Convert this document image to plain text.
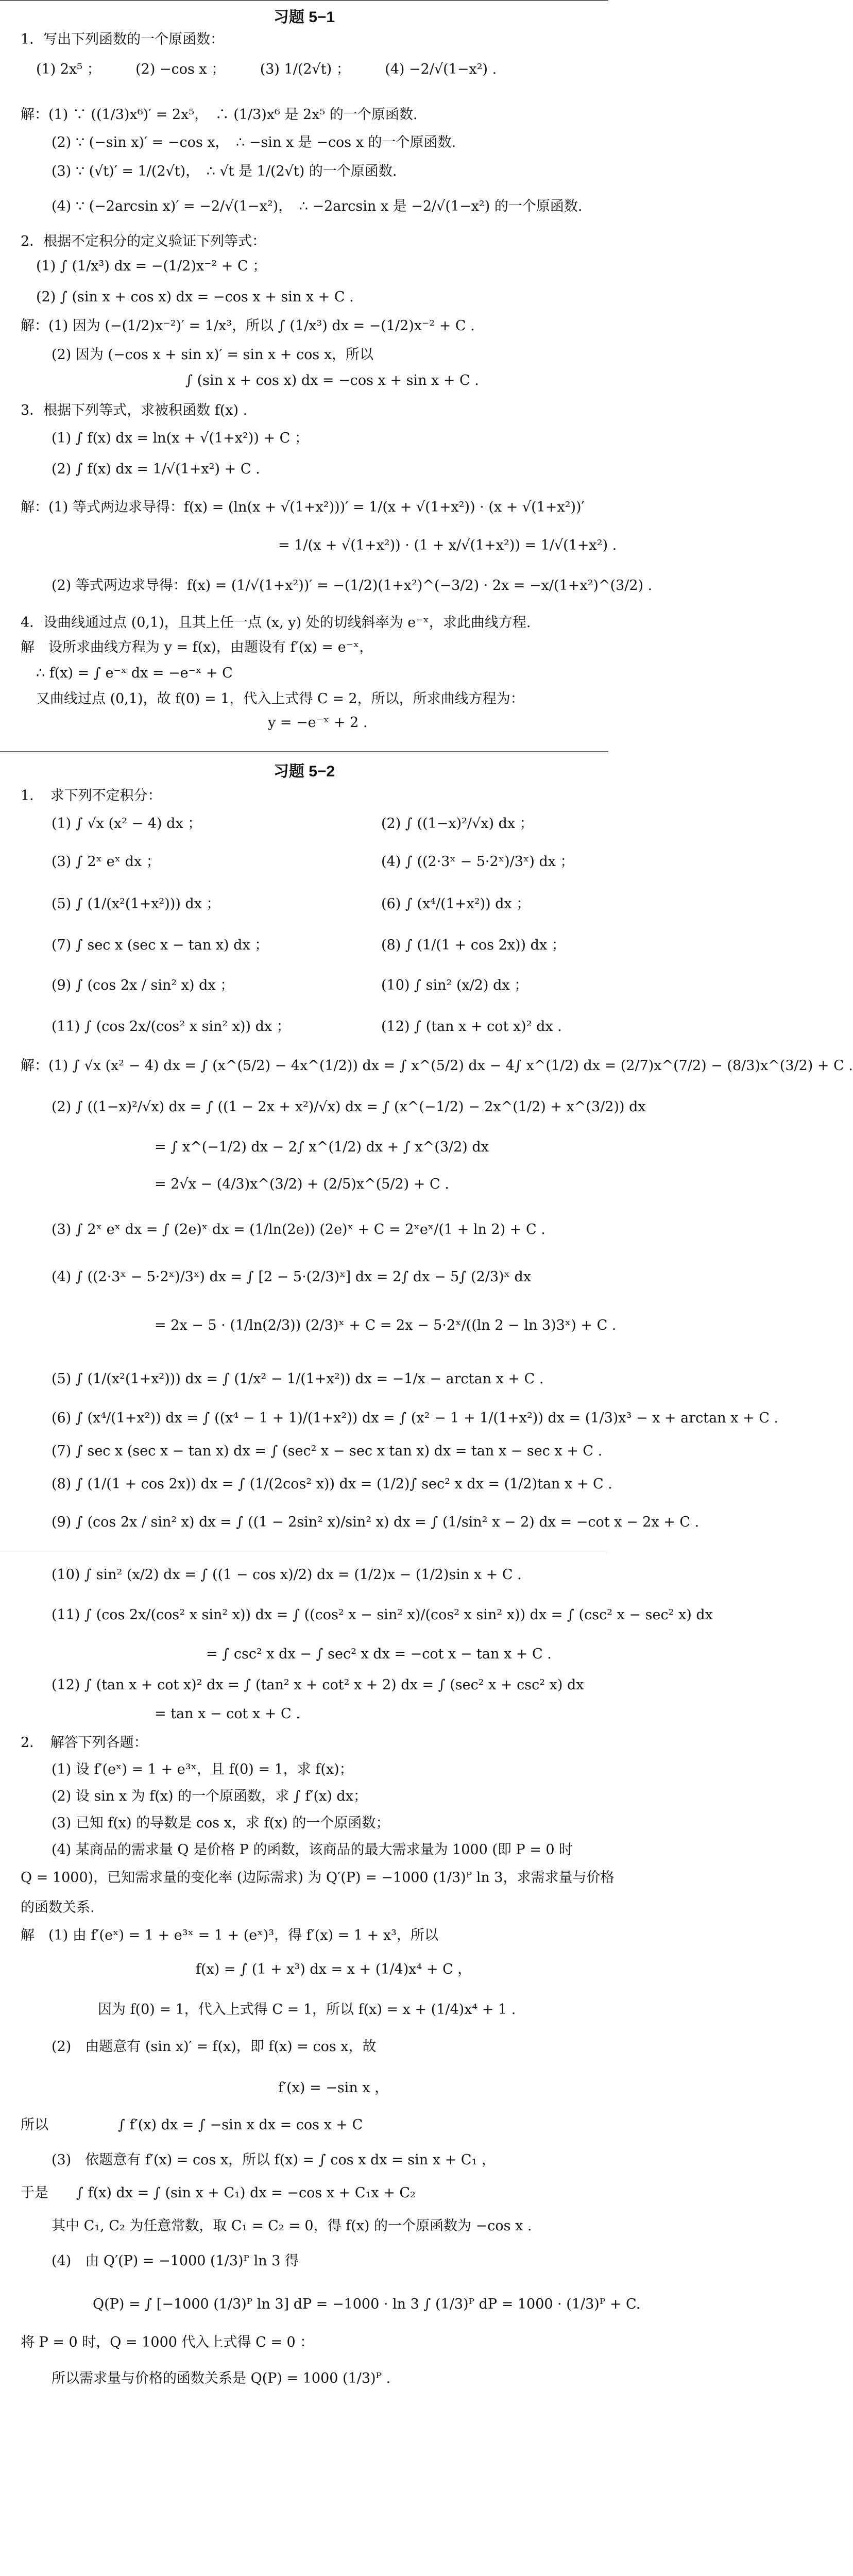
习题 5−1
1．写出下列函数的一个原函数：
(1) 2x⁵ ；　　　(2) −cos x ；　　　(3) 1/(2√t) ；　　　(4) −2/√(1−x²) .
解：(1) ∵ ((1/3)x⁶)′ = 2x⁵，　∴ (1/3)x⁶ 是 2x⁵ 的一个原函数.
(2) ∵ (−sin x)′ = −cos x，　∴ −sin x 是 −cos x 的一个原函数.
(3) ∵ (√t)′ = 1/(2√t)，　∴ √t 是 1/(2√t) 的一个原函数.
(4) ∵ (−2arcsin x)′ = −2/√(1−x²)，　∴ −2arcsin x 是 −2/√(1−x²) 的一个原函数.
2．根据不定积分的定义验证下列等式：
(1) ∫ (1/x³) dx = −(1/2)x⁻² + C ；
(2) ∫ (sin x + cos x) dx = −cos x + sin x + C .
解：(1) 因为 (−(1/2)x⁻²)′ = 1/x³，所以 ∫ (1/x³) dx = −(1/2)x⁻² + C .
(2) 因为 (−cos x + sin x)′ = sin x + cos x，所以
∫ (sin x + cos x) dx = −cos x + sin x + C .
3．根据下列等式，求被积函数 f(x) .
(1) ∫ f(x) dx = ln(x + √(1+x²)) + C ；
(2) ∫ f(x) dx = 1/√(1+x²) + C .
解：(1) 等式两边求导得：f(x) = (ln(x + √(1+x²)))′ = 1/(x + √(1+x²)) · (x + √(1+x²))′
= 1/(x + √(1+x²)) · (1 + x/√(1+x²)) = 1/√(1+x²) .
(2) 等式两边求导得：f(x) = (1/√(1+x²))′ = −(1/2)(1+x²)^(−3/2) · 2x = −x/(1+x²)^(3/2) .
4．设曲线通过点 (0,1)，且其上任一点 (x, y) 处的切线斜率为 e⁻ˣ，求此曲线方程.
解　设所求曲线方程为 y = f(x)，由题设有 f′(x) = e⁻ˣ，
∴ f(x) = ∫ e⁻ˣ dx = −e⁻ˣ + C
又曲线过点 (0,1)，故 f(0) = 1，代入上式得 C = 2，所以，所求曲线方程为：
y = −e⁻ˣ + 2 .
习题 5−2
1．　求下列不定积分：
(1) ∫ √x (x² − 4) dx ；	(2) ∫ ((1−x)²/√x) dx ；
(3) ∫ 2ˣ eˣ dx ；	(4) ∫ ((2·3ˣ − 5·2ˣ)/3ˣ) dx ；
(5) ∫ (1/(x²(1+x²))) dx ；	(6) ∫ (x⁴/(1+x²)) dx ；
(7) ∫ sec x (sec x − tan x) dx ；	(8) ∫ (1/(1 + cos 2x)) dx ；
(9) ∫ (cos 2x / sin² x) dx ；	(10) ∫ sin² (x/2) dx ；
(11) ∫ (cos 2x/(cos² x sin² x)) dx ；	(12) ∫ (tan x + cot x)² dx .
解：(1) ∫ √x (x² − 4) dx = ∫ (x^(5/2) − 4x^(1/2)) dx = ∫ x^(5/2) dx − 4∫ x^(1/2) dx = (2/7)x^(7/2) − (8/3)x^(3/2) + C .
(2) ∫ ((1−x)²/√x) dx = ∫ ((1 − 2x + x²)/√x) dx = ∫ (x^(−1/2) − 2x^(1/2) + x^(3/2)) dx
= ∫ x^(−1/2) dx − 2∫ x^(1/2) dx + ∫ x^(3/2) dx
= 2√x − (4/3)x^(3/2) + (2/5)x^(5/2) + C .
(3) ∫ 2ˣ eˣ dx = ∫ (2e)ˣ dx = (1/ln(2e)) (2e)ˣ + C = 2ˣeˣ/(1 + ln 2) + C .
(4) ∫ ((2·3ˣ − 5·2ˣ)/3ˣ) dx = ∫ [2 − 5·(2/3)ˣ] dx = 2∫ dx − 5∫ (2/3)ˣ dx
= 2x − 5 · (1/ln(2/3)) (2/3)ˣ + C = 2x − 5·2ˣ/((ln 2 − ln 3)3ˣ) + C .
(5) ∫ (1/(x²(1+x²))) dx = ∫ (1/x² − 1/(1+x²)) dx = −1/x − arctan x + C .
(6) ∫ (x⁴/(1+x²)) dx = ∫ ((x⁴ − 1 + 1)/(1+x²)) dx = ∫ (x² − 1 + 1/(1+x²)) dx = (1/3)x³ − x + arctan x + C .
(7) ∫ sec x (sec x − tan x) dx = ∫ (sec² x − sec x tan x) dx = tan x − sec x + C .
(8) ∫ (1/(1 + cos 2x)) dx = ∫ (1/(2cos² x)) dx = (1/2)∫ sec² x dx = (1/2)tan x + C .
(9) ∫ (cos 2x / sin² x) dx = ∫ ((1 − 2sin² x)/sin² x) dx = ∫ (1/sin² x − 2) dx = −cot x − 2x + C .
(10) ∫ sin² (x/2) dx = ∫ ((1 − cos x)/2) dx = (1/2)x − (1/2)sin x + C .
(11) ∫ (cos 2x/(cos² x sin² x)) dx = ∫ ((cos² x − sin² x)/(cos² x sin² x)) dx = ∫ (csc² x − sec² x) dx
= ∫ csc² x dx − ∫ sec² x dx = −cot x − tan x + C .
(12) ∫ (tan x + cot x)² dx = ∫ (tan² x + cot² x + 2) dx = ∫ (sec² x + csc² x) dx
= tan x − cot x + C .
2．　解答下列各题：
(1) 设 f′(eˣ) = 1 + e³ˣ，且 f(0) = 1，求 f(x)；
(2) 设 sin x 为 f(x) 的一个原函数，求 ∫ f′(x) dx；
(3) 已知 f(x) 的导数是 cos x，求 f(x) 的一个原函数；
(4) 某商品的需求量 Q 是价格 P 的函数，该商品的最大需求量为 1000 (即 P = 0 时
Q = 1000)，已知需求量的变化率 (边际需求) 为 Q′(P) = −1000 (1/3)ᴾ ln 3，求需求量与价格
的函数关系.
解　(1) 由 f′(eˣ) = 1 + e³ˣ = 1 + (eˣ)³，得 f′(x) = 1 + x³，所以
f(x) = ∫ (1 + x³) dx = x + (1/4)x⁴ + C ，
因为 f(0) = 1，代入上式得 C = 1，所以 f(x) = x + (1/4)x⁴ + 1 .
(2)　由题意有 (sin x)′ = f(x)，即 f(x) = cos x，故
f′(x) = −sin x ，
所以　　　　　∫ f′(x) dx = ∫ −sin x dx = cos x + C
(3)　依题意有 f′(x) = cos x，所以 f(x) = ∫ cos x dx = sin x + C₁ ，
于是　　∫ f(x) dx = ∫ (sin x + C₁) dx = −cos x + C₁x + C₂
其中 C₁, C₂ 为任意常数，取 C₁ = C₂ = 0，得 f(x) 的一个原函数为 −cos x .
(4)　由 Q′(P) = −1000 (1/3)ᴾ ln 3 得
Q(P) = ∫ [−1000 (1/3)ᴾ ln 3] dP = −1000 · ln 3 ∫ (1/3)ᴾ dP = 1000 · (1/3)ᴾ + C.
将 P = 0 时，Q = 1000 代入上式得 C = 0 ：
所以需求量与价格的函数关系是 Q(P) = 1000 (1/3)ᴾ .
